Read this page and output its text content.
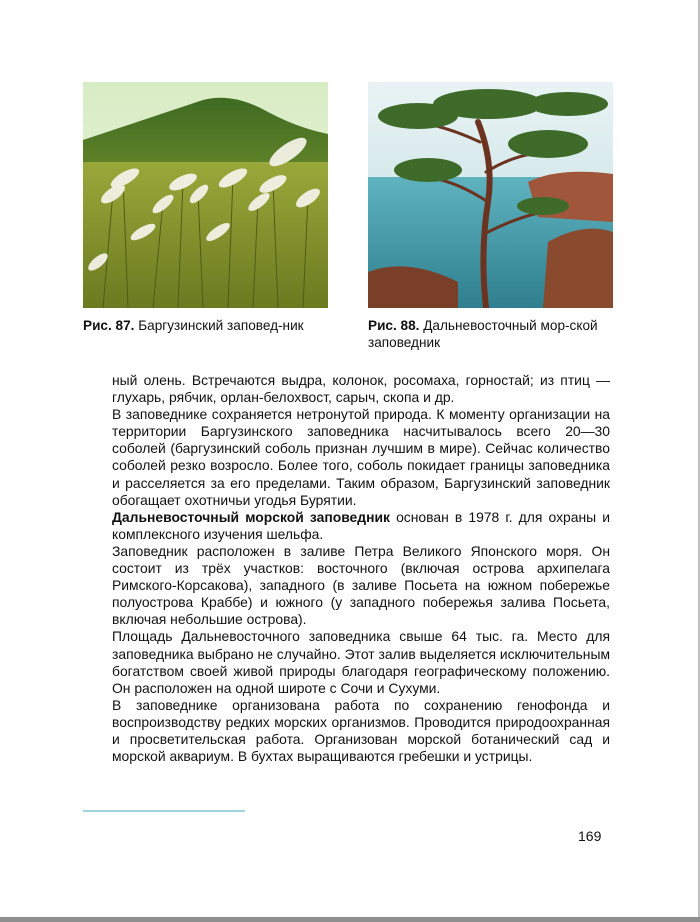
Рис. 87. Баргузинский заповед-ник	Рис. 88. Дальневосточный мор-ской заповедник

ный олень. Встречаются выдра, колонок, росомаха, горностай; из птиц — глухарь, рябчик, орлан-белохвост, сарыч, скопа и др.

В заповеднике сохраняется нетронутой природа. К моменту организации на территории Баргузинского заповедника насчитывалось всего 20—30 соболей (баргузинский соболь признан лучшим в мире). Сейчас количество соболей резко возросло. Более того, соболь покидает границы заповедника и расселяется за его пределами. Таким образом, Баргузинский заповедник обогащает охотничьи угодья Бурятии.

Дальневосточный морской заповедник основан в 1978 г. для охраны и комплексного изучения шельфа.

Заповедник расположен в заливе Петра Великого Японского моря. Он состоит из трёх участков: восточного (включая острова архипелага Римского-Корсакова), западного (в заливе Посьета на южном побережье полуострова Краббе) и южного (у западного побережья залива Посьета, включая небольшие острова).

Площадь Дальневосточного заповедника свыше 64 тыс. га. Место для заповедника выбрано не случайно. Этот залив выделяется исключительным богатством своей живой природы благодаря географическому положению. Он расположен на одной широте с Сочи и Сухуми.

В заповеднике организована работа по сохранению генофонда и воспроизводству редких морских организмов. Проводится природоохранная и просветительская работа. Организован морской ботанический сад и морской аквариум. В бухтах выращиваются гребешки и устрицы.

169
